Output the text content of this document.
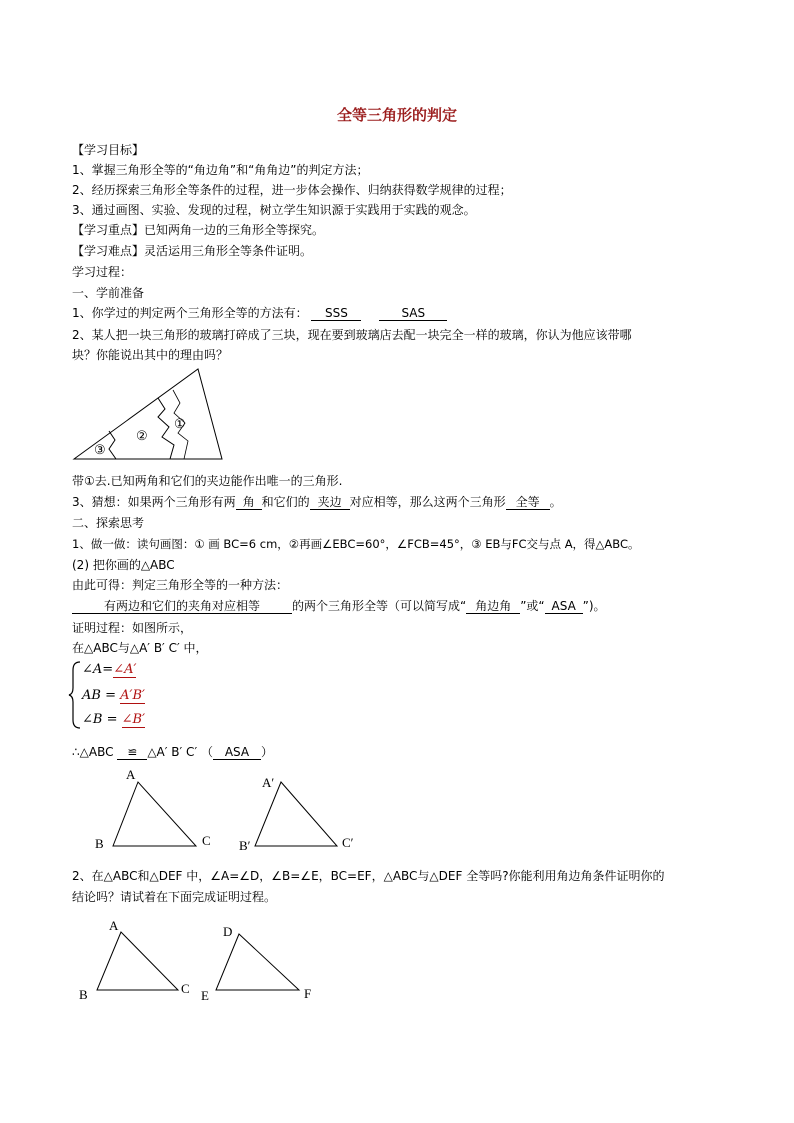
全等三角形的判定
【学习目标】
1、掌握三角形全等的“角边角”和“角角边”的判定方法；
2、经历探索三角形全等条件的过程，进一步体会操作、归纳获得数学规律的过程；
3、通过画图、实验、发现的过程，树立学生知识源于实践用于实践的观念。
【学习重点】已知两角一边的三角形全等探究。
【学习难点】灵活运用三角形全等条件证明。
学习过程：
一、学前准备
1、你学过的判定两个三角形全等的方法有： SSS	SAS
2、某人把一块三角形的玻璃打碎成了三块，现在要到玻璃店去配一块完全一样的玻璃，你认为他应该带哪
块？你能说出其中的理由吗？
①
②
③
带①去.已知两角和它们的夹边能作出唯一的三角形.
3、猜想：如果两个三角形有两 角 和它们的 夹边 对应相等，那么这两个三角形 全等 。
二、探索思考
1、做一做：读句画图：① 画 BC=6 cm，②再画∠EBC=60°，∠FCB=45°，③ EB与FC交与点 A，得△ABC。
(2) 把你画的△ABC
由此可得：判定三角形全等的一种方法：
有两边和它们的夹角对应相等	的两个三角形全等（可以简写成“ 角边角 ”或“ ASA ”)。
证明过程：如图所示，
在△ABC与△A′ B′ C′ 中，
∠A=∠A′
AB = A′B′
∠B = ∠B′
∴△ABC ≌ △A′ B′ C′ （ ASA ）
A
B	C
A′
B′	C′
2、在△ABC和△DEF 中，∠A=∠D，∠B=∠E，BC=EF，△ABC与△DEF 全等吗?你能利用角边角条件证明你的
结论吗？请试着在下面完成证明过程。
A
B	C
D
E	F
